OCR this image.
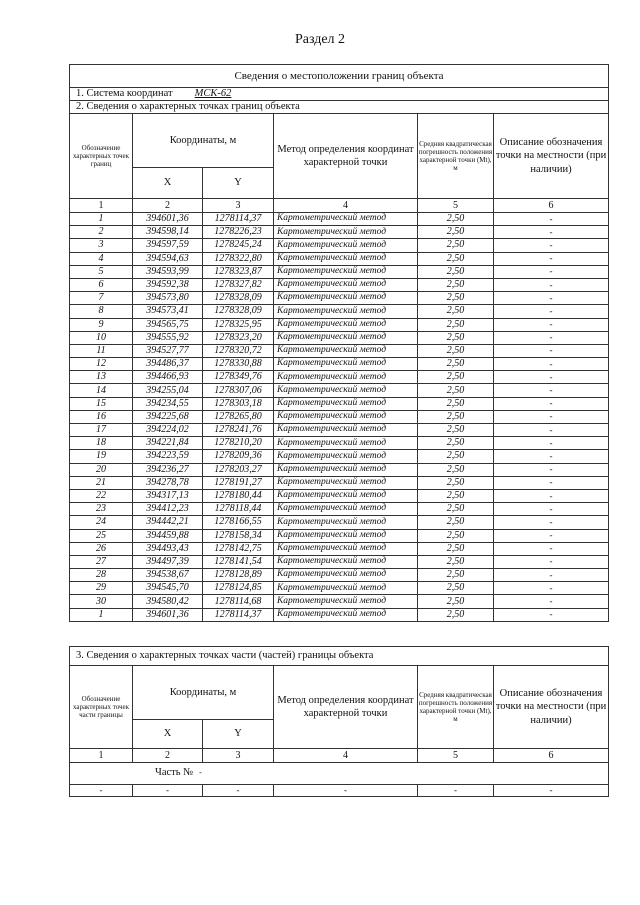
Раздел 2
Сведения о местоположении границ объекта					
1. Система координат МСК-62					
2. Сведения о характерных точках границ объекта					
Обозначение характерных точек границ	Координаты, м		Метод определения координат характерной точки	Средняя квадратическая погрешность положения характерной точки (Mt), м	Описание обозначения точки на местности (при наличии)
	X	Y			
1	2	3	4	5	6
1	394601,36	1278114,37	Картометрический метод	2,50	-
2	394598,14	1278226,23	Картометрический метод	2,50	-
3	394597,59	1278245,24	Картометрический метод	2,50	-
4	394594,63	1278322,80	Картометрический метод	2,50	-
5	394593,99	1278323,87	Картометрический метод	2,50	-
6	394592,38	1278327,82	Картометрический метод	2,50	-
7	394573,80	1278328,09	Картометрический метод	2,50	-
8	394573,41	1278328,09	Картометрический метод	2,50	-
9	394565,75	1278325,95	Картометрический метод	2,50	-
10	394555,92	1278323,20	Картометрический метод	2,50	-
11	394527,77	1278320,72	Картометрический метод	2,50	-
12	394486,37	1278330,88	Картометрический метод	2,50	-
13	394466,93	1278349,76	Картометрический метод	2,50	-
14	394255,04	1278307,06	Картометрический метод	2,50	-
15	394234,55	1278303,18	Картометрический метод	2,50	-
16	394225,68	1278265,80	Картометрический метод	2,50	-
17	394224,02	1278241,76	Картометрический метод	2,50	-
18	394221,84	1278210,20	Картометрический метод	2,50	-
19	394223,59	1278209,36	Картометрический метод	2,50	-
20	394236,27	1278203,27	Картометрический метод	2,50	-
21	394278,78	1278191,27	Картометрический метод	2,50	-
22	394317,13	1278180,44	Картометрический метод	2,50	-
23	394412,23	1278118,44	Картометрический метод	2,50	-
24	394442,21	1278166,55	Картометрический метод	2,50	-
25	394459,88	1278158,34	Картометрический метод	2,50	-
26	394493,43	1278142,75	Картометрический метод	2,50	-
27	394497,39	1278141,54	Картометрический метод	2,50	-
28	394538,67	1278128,89	Картометрический метод	2,50	-
29	394545,70	1278124,85	Картометрический метод	2,50	-
30	394580,42	1278114,68	Картометрический метод	2,50	-
1	394601,36	1278114,37	Картометрический метод	2,50	-
3. Сведения о характерных точках части (частей) границы объекта					
Обозначение характерных точек части границы	Координаты, м		Метод определения координат характерной точки	Средняя квадратическая погрешность положения характерной точки (Mt), м	Описание обозначения точки на местности (при наличии)
	X	Y			
1	2	3	4	5	6
Часть № -					
-	-	-	-	-	-
